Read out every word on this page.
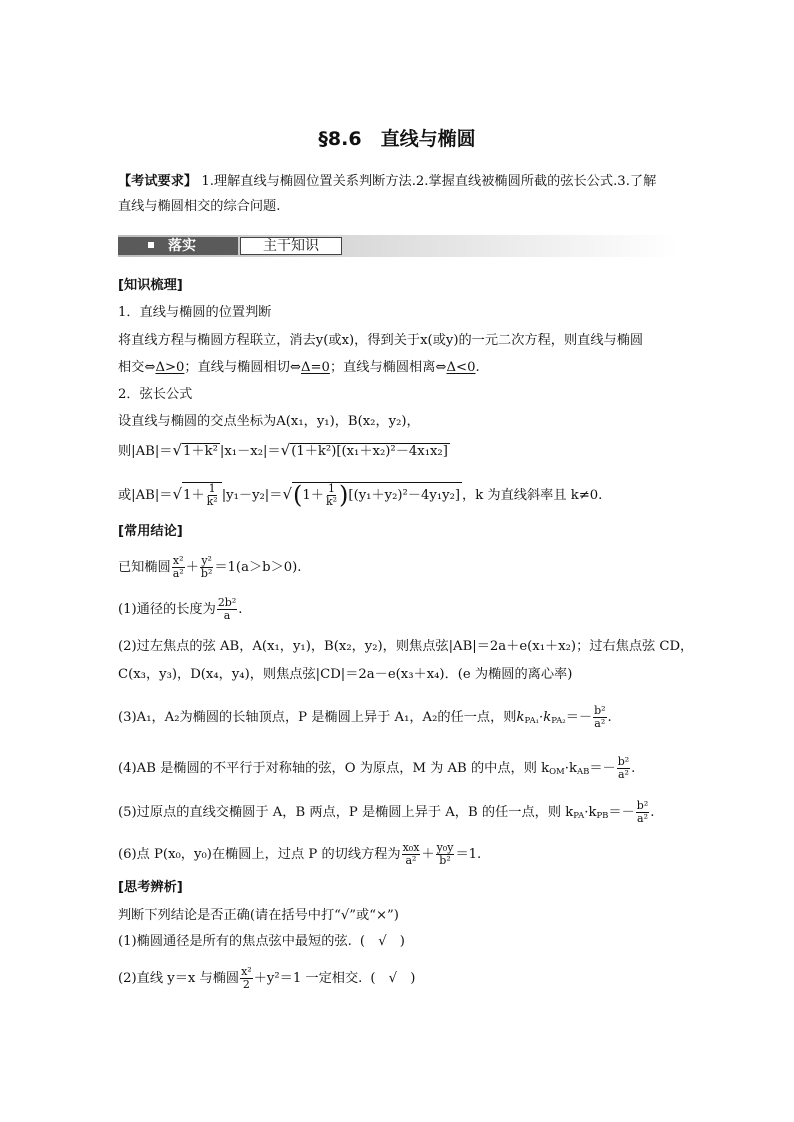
§8.6　直线与椭圆
【考试要求】 1.理解直线与椭圆位置关系判断方法.2.掌握直线被椭圆所截的弦长公式.3.了解
直线与椭圆相交的综合问题.
落实	主干知识
[知识梳理]
1．直线与椭圆的位置判断
将直线方程与椭圆方程联立，消去y(或x)，得到关于x(或y)的一元二次方程，则直线与椭圆
相交⇔Δ>0；直线与椭圆相切⇔Δ=0；直线与椭圆相离⇔Δ<0.
2．弦长公式
设直线与椭圆的交点坐标为A(x₁，y₁)，B(x₂，y₂)，
则|AB|＝√1＋k² |x₁－x₂|＝√(1＋k²)[(x₁＋x₂)²－4x₁x₂]
或$|AB|=√1+ \frac{1}{\text{k²}} |y_1-y_2|=√(1+ \frac{1}{\text{k²}} )[(y_1+y_2)^2-4y_1y_2]$ ，k 为直线斜率且 k≠0.
[常用结论]
已知椭圆 $\frac{\text{x²}}{\text{a²}} + \frac{\text{y²}}{\text{b²}} =1(a>b>0)$.
(1)通径的长度为 $\frac{\text{2b²}}{a}$ .
(2)过左焦点的弦 AB，A(x₁，y₁)，B(x₂，y₂)，则焦点弦|AB|＝2a＋e(x₁＋x₂)；过右焦点弦 CD，
C(x₃，y₃)，D(x₄，y₄)，则焦点弦|CD|＝2a－e(x₃＋x₄)．(e 为椭圆的离心率)
(3)A₁，A₂为椭圆的长轴顶点，P 是椭圆上异于 A₁，A₂的任一点，则$k_{PA_1}\cdot k_{PA_2}=- \frac{\text{b²}}{\text{a²}}$ .
(4)AB 是椭圆的不平行于对称轴的弦，O 为原点，M 为 AB 的中点，则 $k_{OM}\cdot k_{AB}=- \frac{\text{b²}}{\text{a²}}$ .
(5)过原点的直线交椭圆于 A，B 两点，P 是椭圆上异于 A，B 的任一点，则 $k_{PA}\cdot k_{PB}=- \frac{\text{b²}}{\text{a²}}$ .
(6)点 P(x₀，y₀)在椭圆上，过点 P 的切线方程为 $\frac{\text{x₀x}}{\text{a²}} + \frac{\text{y₀y}}{\text{b²}} =1$.
[思考辨析]
判断下列结论是否正确(请在括号中打“√”或“×”)
(1)椭圆通径是所有的焦点弦中最短的弦. (　√　)
(2)直线 y＝x 与椭圆 $\frac{\text{x²}}{2} +y^2=1$ 一定相交. (　√　)
